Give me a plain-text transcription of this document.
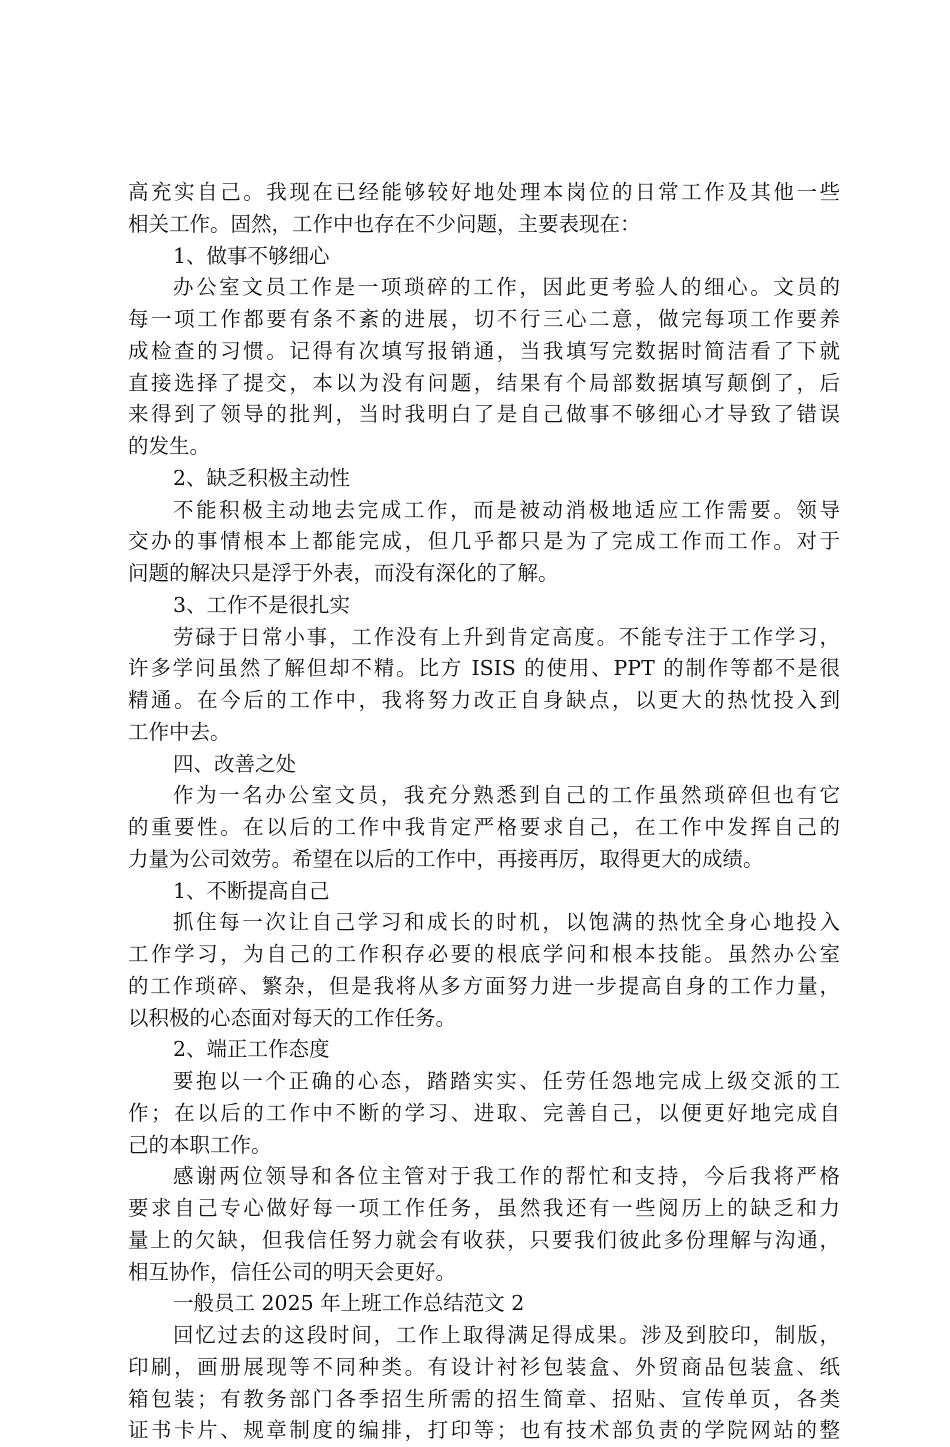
高充实自己。我现在已经能够较好地处理本岗位的日常工作及其他一些
相关工作。固然，工作中也存在不少问题，主要表现在：
1、做事不够细心
办公室文员工作是一项琐碎的工作，因此更考验人的细心。文员的
每一项工作都要有条不紊的进展，切不行三心二意，做完每项工作要养
成检查的习惯。记得有次填写报销通，当我填写完数据时简洁看了下就
直接选择了提交，本以为没有问题，结果有个局部数据填写颠倒了，后
来得到了领导的批判，当时我明白了是自己做事不够细心才导致了错误
的发生。
2、缺乏积极主动性
不能积极主动地去完成工作，而是被动消极地适应工作需要。领导
交办的事情根本上都能完成，但几乎都只是为了完成工作而工作。对于
问题的解决只是浮于外表，而没有深化的了解。
3、工作不是很扎实
劳碌于日常小事，工作没有上升到肯定高度。不能专注于工作学习，
许多学问虽然了解但却不精。比方 ISIS 的使用、PPT 的制作等都不是很
精通。在今后的工作中，我将努力改正自身缺点，以更大的热忱投入到
工作中去。
四、改善之处
作为一名办公室文员，我充分熟悉到自己的工作虽然琐碎但也有它
的重要性。在以后的工作中我肯定严格要求自己，在工作中发挥自己的
力量为公司效劳。希望在以后的工作中，再接再厉，取得更大的成绩。
1、不断提高自己
抓住每一次让自己学习和成长的时机，以饱满的热忱全身心地投入
工作学习，为自己的工作积存必要的根底学问和根本技能。虽然办公室
的工作琐碎、繁杂，但是我将从多方面努力进一步提高自身的工作力量，
以积极的心态面对每天的工作任务。
2、端正工作态度
要抱以一个正确的心态，踏踏实实、任劳任怨地完成上级交派的工
作；在以后的工作中不断的学习、进取、完善自己，以便更好地完成自
己的本职工作。
感谢两位领导和各位主管对于我工作的帮忙和支持，今后我将严格
要求自己专心做好每一项工作任务，虽然我还有一些阅历上的缺乏和力
量上的欠缺，但我信任努力就会有收获，只要我们彼此多份理解与沟通，
相互协作，信任公司的明天会更好。
一般员工 2025 年上班工作总结范文 2
回忆过去的这段时间，工作上取得满足得成果。涉及到胶印，制版，
印刷，画册展现等不同种类。有设计衬衫包装盒、外贸商品包装盒、纸
箱包装；有教务部门各季招生所需的招生简章、招贴、宣传单页，各类
证书卡片、规章制度的编排，打印等；也有技术部负责的学院网站的整
